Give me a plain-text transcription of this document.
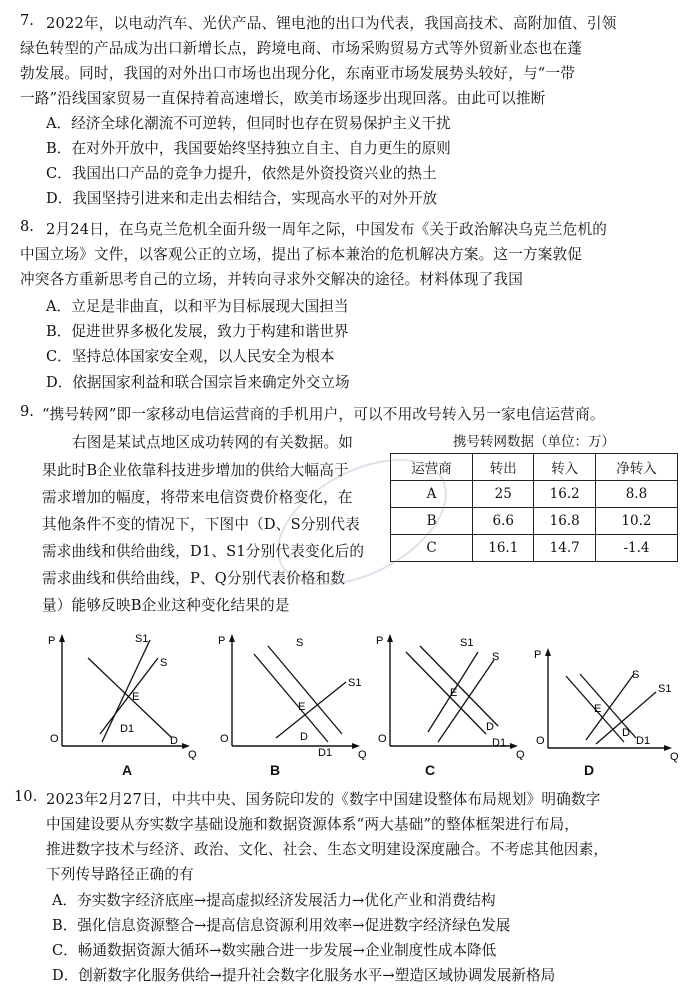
7. 2022年，以电动汽车、光伏产品、锂电池的出口为代表，我国高技术、高附加值、引领
绿色转型的产品成为出口新增长点，跨境电商、市场采购贸易方式等外贸新业态也在蓬
勃发展。同时，我国的对外出口市场也出现分化，东南亚市场发展势头较好，与“一带
一路”沿线国家贸易一直保持着高速增长，欧美市场逐步出现回落。由此可以推断
A．经济全球化潮流不可逆转，但同时也存在贸易保护主义干扰
B．在对外开放中，我国要始终坚持独立自主、自力更生的原则
C．我国出口产品的竞争力提升，依然是外资投资兴业的热土
D．我国坚持引进来和走出去相结合，实现高水平的对外开放
8. 2月24日，在乌克兰危机全面升级一周年之际，中国发布《关于政治解决乌克兰危机的
中国立场》文件，以客观公正的立场，提出了标本兼治的危机解决方案。这一方案敦促
冲突各方重新思考自己的立场，并转向寻求外交解决的途径。材料体现了我国
A．立足是非曲直，以和平为目标展现大国担当
B．促进世界多极化发展，致力于构建和谐世界
C．坚持总体国家安全观，以人民安全为根本
D．依据国家利益和联合国宗旨来确定外交立场
9. “携号转网”即一家移动电信运营商的手机用户，可以不用改号转入另一家电信运营商。
右图是某试点地区成功转网的有关数据。如
果此时B企业依靠科技进步增加的供给大幅高于
需求增加的幅度，将带来电信资费价格变化，在
其他条件不变的情况下，下图中（D、S分别代表
需求曲线和供给曲线，D1、S1分别代表变化后的
需求曲线和供给曲线，P、Q分别代表价格和数
量）能够反映B企业这种变化结果的是
携号转网数据（单位：万）
运营商	转出	转入	净转入
A	25	16.2	8.8
B	6.6	16.8	10.2
C	16.1	14.7	-1.4
P
O
Q
S1
S
E
D1
D
A
P
O
Q
S
S1
E
D
D1
B
P
O
Q
S1
S
E
D
D1
C
P
O
Q
S
S1
E
D
D1
D
10. 2023年2月27日，中共中央、国务院印发的《数字中国建设整体布局规划》明确数字
中国建设要从夯实数字基础设施和数据资源体系“两大基础”的整体框架进行布局，
推进数字技术与经济、政治、文化、社会、生态文明建设深度融合。不考虑其他因素，
下列传导路径正确的有
A．夯实数字经济底座→提高虚拟经济发展活力→优化产业和消费结构
B．强化信息资源整合→提高信息资源利用效率→促进数字经济绿色发展
C．畅通数据资源大循环→数实融合进一步发展→企业制度性成本降低
D．创新数字化服务供给→提升社会数字化服务水平→塑造区域协调发展新格局
